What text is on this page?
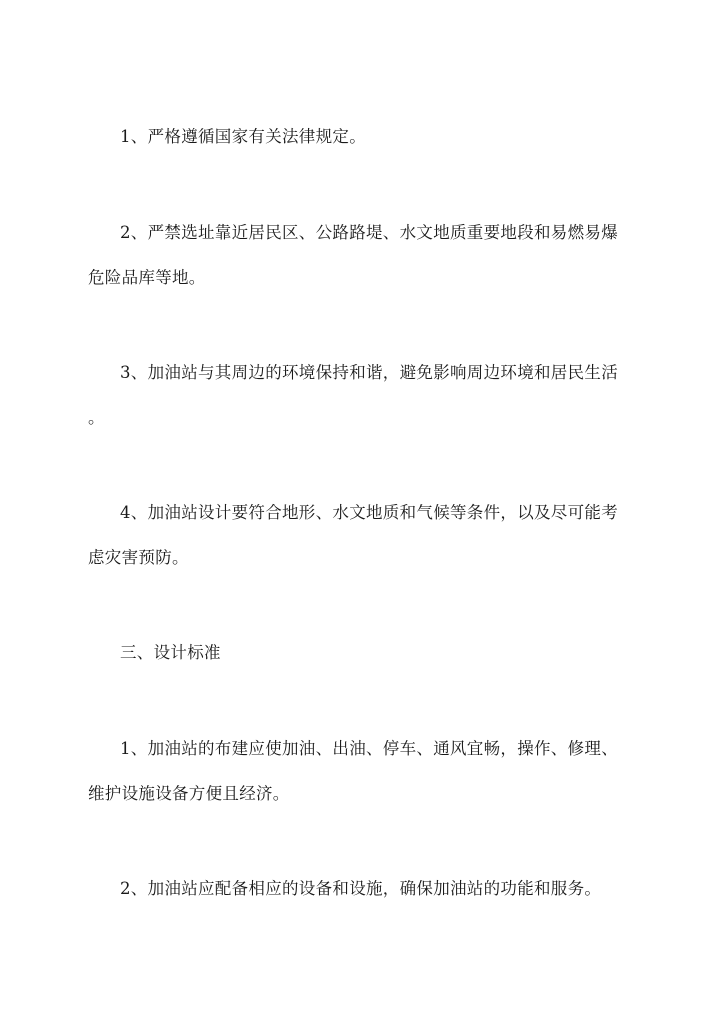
1、严格遵循国家有关法律规定。

2、严禁选址靠近居民区、公路路堤、水文地质重要地段和易燃易爆

危险品库等地。

3、加油站与其周边的环境保持和谐，避免影响周边环境和居民生活

。

4、加油站设计要符合地形、水文地质和气候等条件，以及尽可能考

虑灾害预防。

三、设计标准

1、加油站的布建应使加油、出油、停车、通风宜畅，操作、修理、

维护设施设备方便且经济。

2、加油站应配备相应的设备和设施，确保加油站的功能和服务。
